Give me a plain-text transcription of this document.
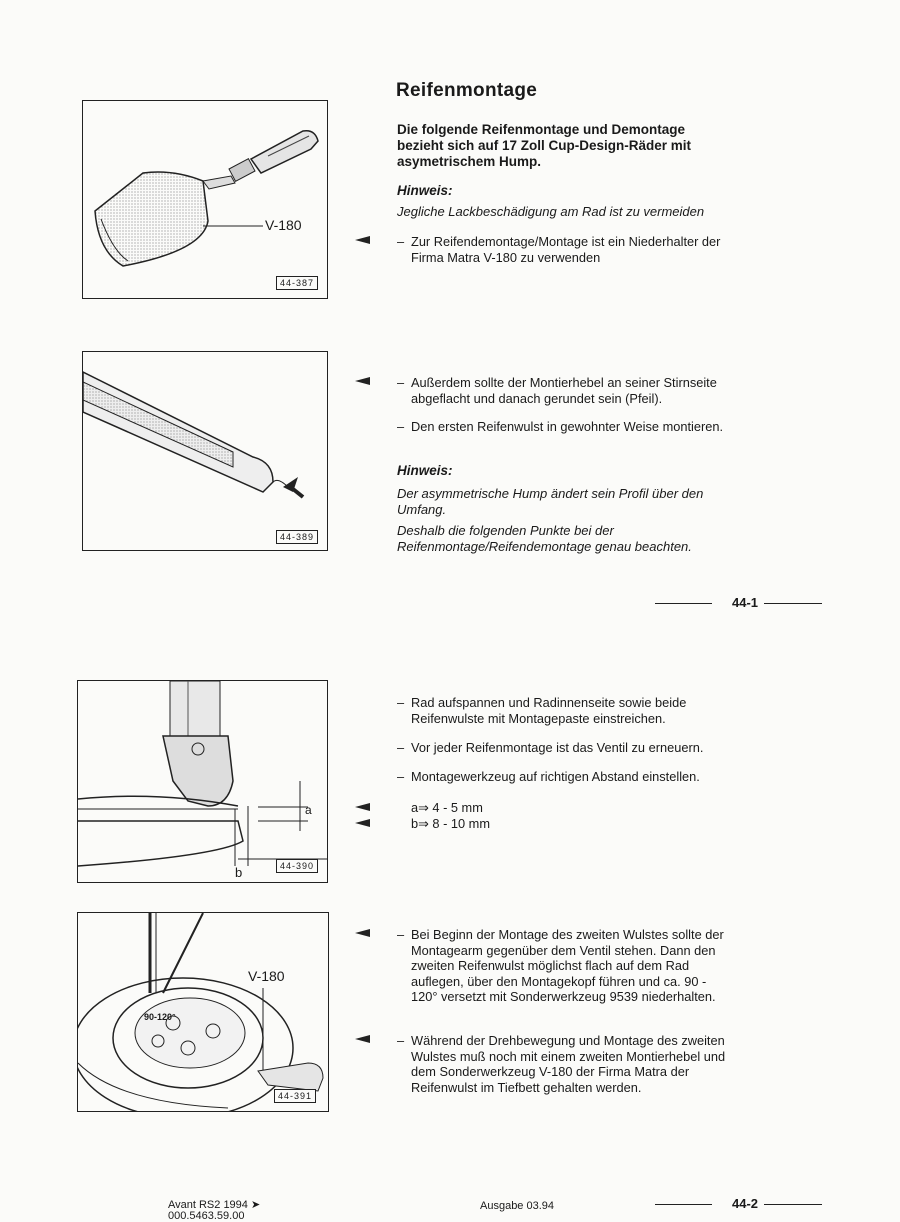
V-180
44-387
44-389
a
b	44-390
V-180
90-120°
44-391
Reifenmontage
Die folgende Reifenmontage und Demontage bezieht sich auf 17 Zoll Cup-Design-Räder mit asymetrischem Hump.
Hinweis:
Jegliche Lackbeschädigung am Rad ist zu vermeiden
– Zur Reifendemontage/Montage ist ein Niederhalter der Firma Matra V-180 zu verwenden
– Außerdem sollte der Montierhebel an seiner Stirnseite abgeflacht und danach gerundet sein (Pfeil).
– Den ersten Reifenwulst in gewohnter Weise montieren.
Hinweis:
Der asymmetrische Hump ändert sein Profil über den Umfang.
Deshalb die folgenden Punkte bei der Reifenmontage/Reifendemontage genau beachten.
44-1
– Rad aufspannen und Radinnenseite sowie beide Reifenwulste mit Montagepaste einstreichen.
– Vor jeder Reifenmontage ist das Ventil zu erneuern.
– Montagewerkzeug auf richtigen Abstand einstellen.
a⇒ 4 - 5 mm
b⇒ 8 - 10 mm
– Bei Beginn der Montage des zweiten Wulstes sollte der Montagearm gegenüber dem Ventil stehen. Dann den zweiten Reifenwulst möglichst flach auf dem Rad auflegen, über den Montagekopf führen und ca. 90 - 120° versetzt mit Sonderwerkzeug 9539 niederhalten.
– Während der Drehbewegung und Montage des zweiten Wulstes muß noch mit einem zweiten Montierhebel und dem Sonderwerkzeug V-180 der Firma Matra der Reifenwulst im Tiefbett gehalten werden.
Avant RS2 1994 ➤
000.5463.59.00
Ausgabe 03.94	44-2
